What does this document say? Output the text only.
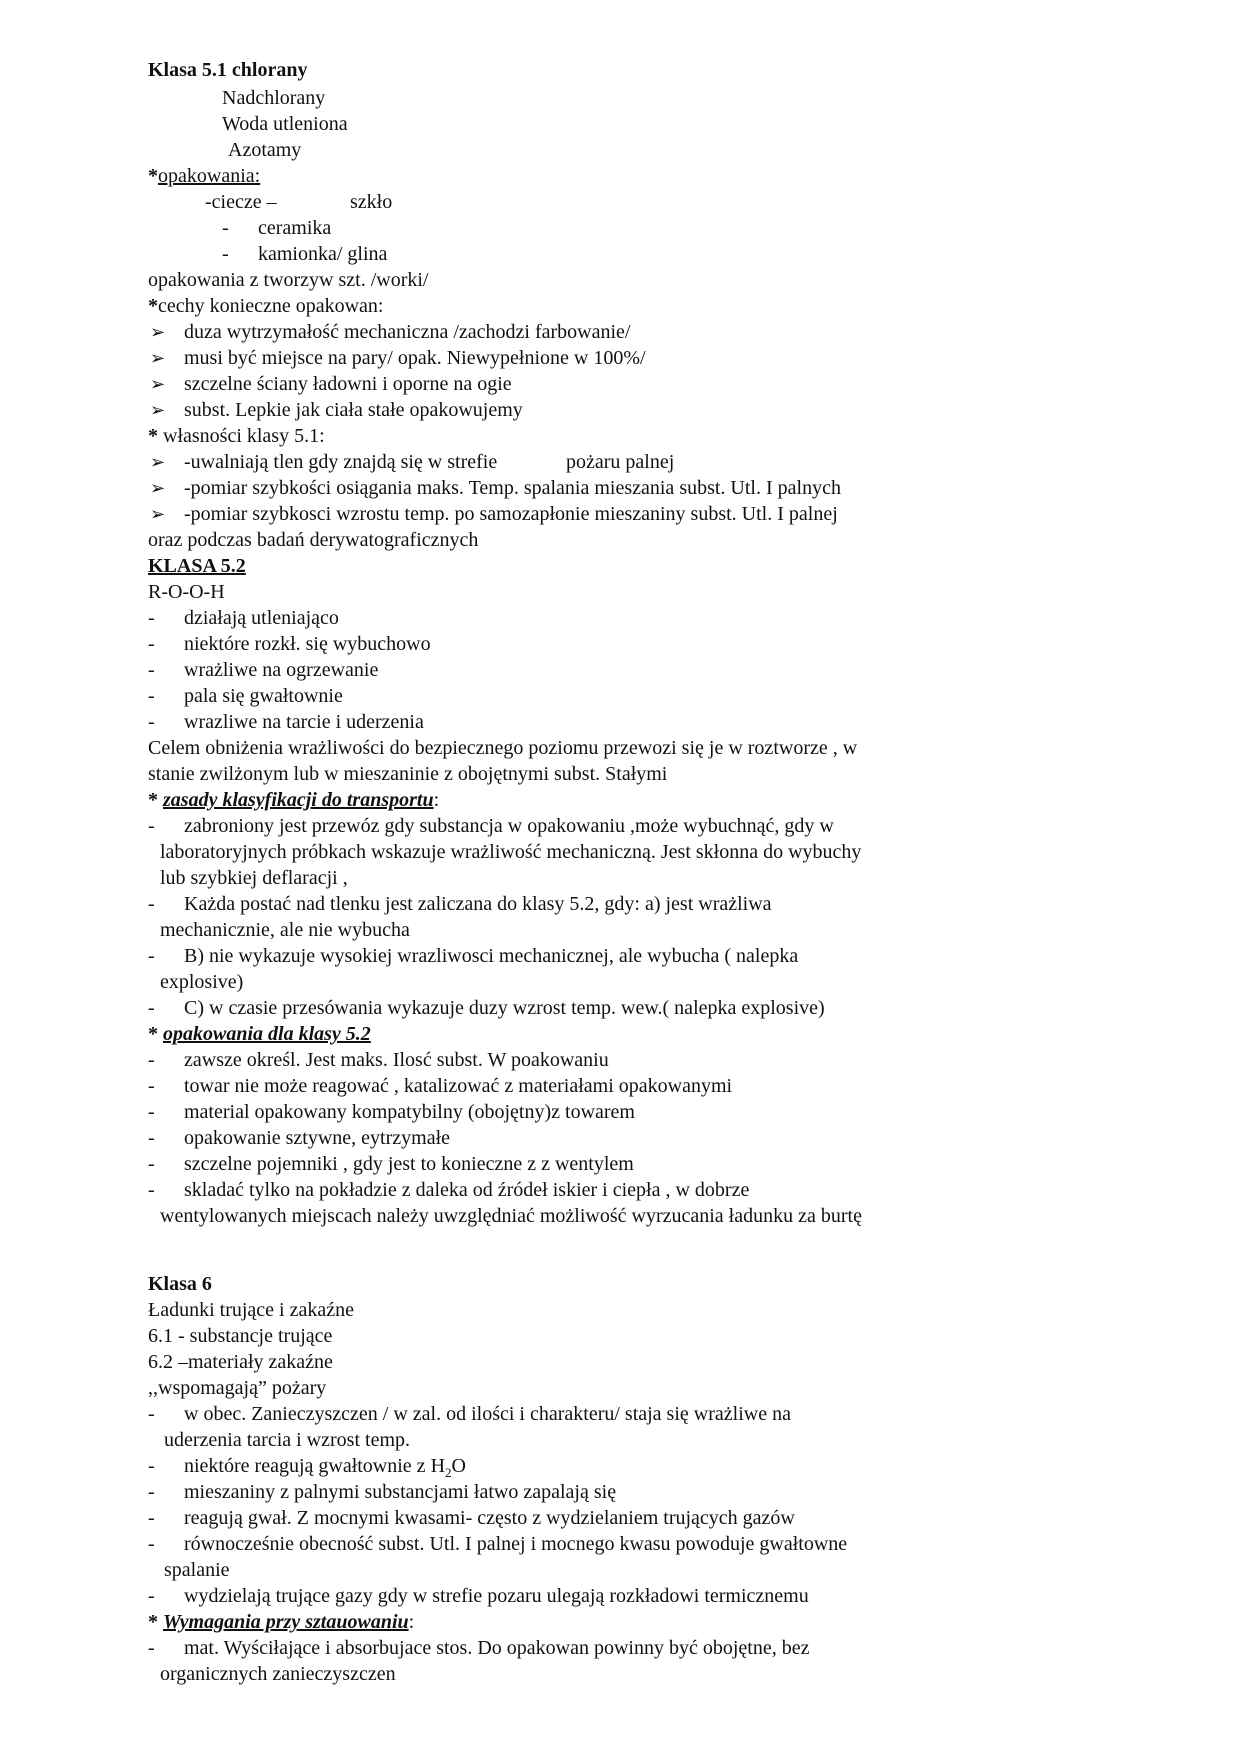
Klasa 5.1 chlorany
Nadchlorany
Woda utleniona
Azotamy
*opakowania:
-ciecze –	szkło
- ceramika
- kamionka/ glina
opakowania z tworzyw szt. /worki/
*cechy konieczne opakowan:
➢ duza wytrzymałość mechaniczna /zachodzi farbowanie/
➢ musi być miejsce na pary/ opak. Niewypełnione w 100%/
➢ szczelne ściany ładowni i oporne na ogie
➢ subst. Lepkie jak ciała stałe opakowujemy
* własności klasy 5.1:
➢ -uwalniają tlen gdy znajdą się w strefie	pożaru palnej
➢ -pomiar szybkości osiągania maks. Temp. spalania mieszania subst. Utl. I palnych
➢ -pomiar szybkosci wzrostu temp. po samozapłonie mieszaniny subst. Utl. I palnej
oraz podczas badań derywatograficznych
KLASA 5.2
R-O-O-H
- działają utleniająco
- niektóre rozkł. się wybuchowo
- wrażliwe na ogrzewanie
- pala się gwałtownie
- wrazliwe na tarcie i uderzenia
Celem obniżenia wrażliwości do bezpiecznego poziomu przewozi się je w roztworze , w
stanie zwilżonym lub w mieszaninie z obojętnymi subst. Stałymi
* zasady klasyfikacji do transportu:
- zabroniony jest przewóz gdy substancja w opakowaniu ,może wybuchnąć, gdy w
laboratoryjnych próbkach wskazuje wrażliwość mechaniczną. Jest skłonna do wybuchy
lub szybkiej deflaracji ,
- Każda postać nad tlenku jest zaliczana do klasy 5.2, gdy: a) jest wrażliwa
mechanicznie, ale nie wybucha
- B) nie wykazuje wysokiej wrazliwosci mechanicznej, ale wybucha ( nalepka
explosive)
- C) w czasie przesówania wykazuje duzy wzrost temp. wew.( nalepka explosive)
* opakowania dla klasy 5.2
- zawsze określ. Jest maks. Ilosć subst. W poakowaniu
- towar nie może reagować , katalizować z materiałami opakowanymi
- material opakowany kompatybilny (obojętny)z towarem
- opakowanie sztywne, eytrzymałe
- szczelne pojemniki , gdy jest to konieczne z z wentylem
- skladać tylko na pokładzie z daleka od źródeł iskier i ciepła , w dobrze
wentylowanych miejscach należy uwzględniać możliwość wyrzucania ładunku za burtę
Klasa 6
Ładunki trujące i zakaźne
6.1 - substancje trujące
6.2 –materiały zakaźne
,,wspomagają” pożary
- w obec. Zanieczyszczen / w zal. od ilości i charakteru/ staja się wrażliwe na
uderzenia tarcia i wzrost temp.
- niektóre reagują gwałtownie z $H_2O$
- mieszaniny z palnymi substancjami łatwo zapalają się
- reagują gwał. Z mocnymi kwasami- często z wydzielaniem trujących gazów
- równocześnie obecność subst. Utl. I palnej i mocnego kwasu powoduje gwałtowne
spalanie
- wydzielają trujące gazy gdy w strefie pozaru ulegają rozkładowi termicznemu
* Wymagania przy sztauowaniu:
- mat. Wyściłające i absorbujace stos. Do opakowan powinny być obojętne, bez
organicznych zanieczyszczen
